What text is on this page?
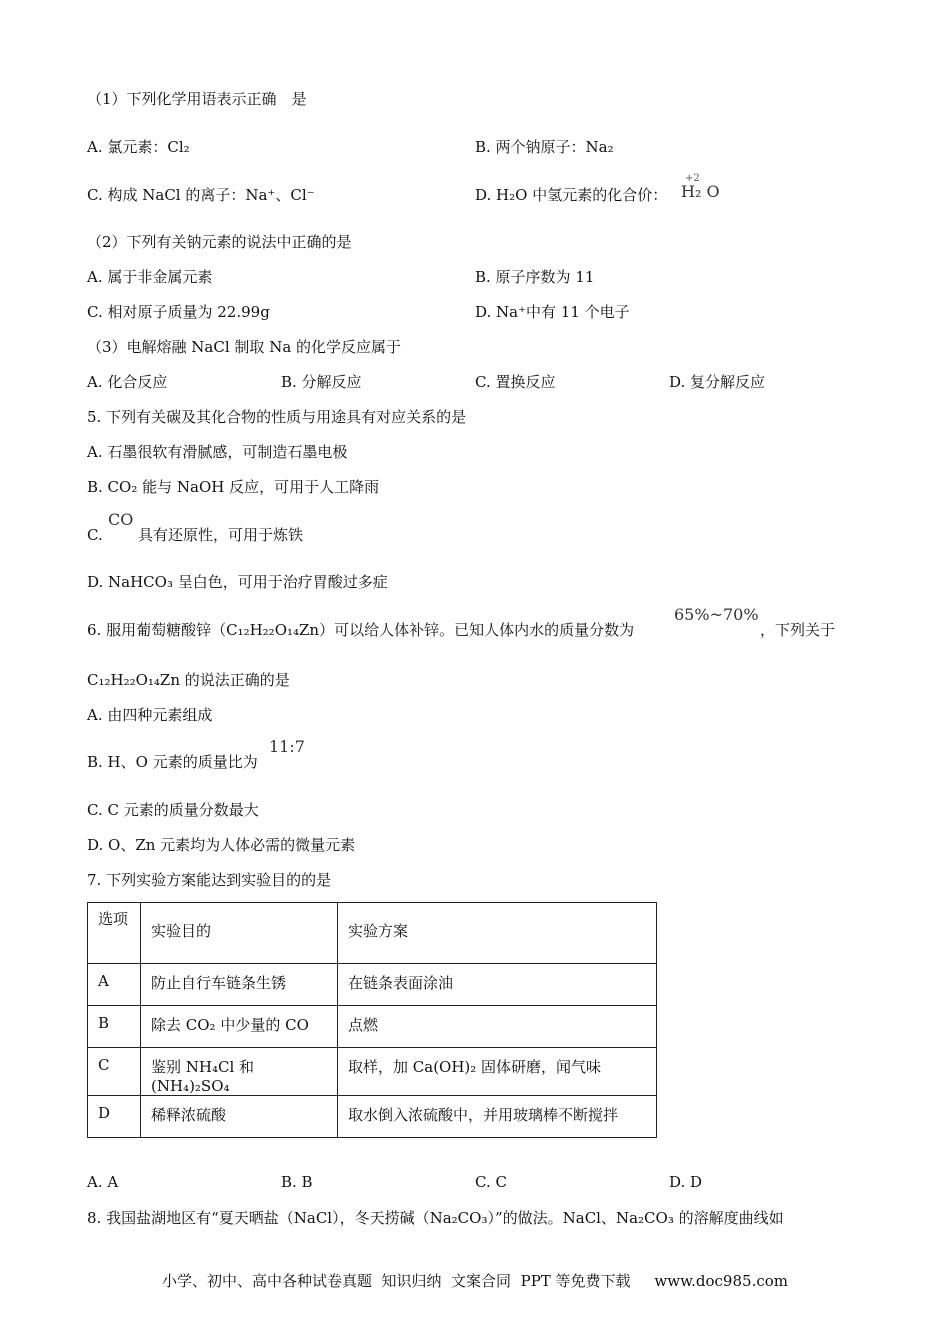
（1）下列化学用语表示正确　是
A. 氯元素：Cl₂	B. 两个钠原子：Na₂
C. 构成 NaCl 的离子：Na⁺、Cl⁻	D. H₂O 中氢元素的化合价：
+2
H₂ O
（2）下列有关钠元素的说法中正确的是
A. 属于非金属元素	B. 原子序数为 11
C. 相对原子质量为 22.99g	D. Na⁺中有 11 个电子
（3）电解熔融 NaCl 制取 Na 的化学反应属于
A. 化合反应	B. 分解反应	C. 置换反应	D. 复分解反应
5. 下列有关碳及其化合物的性质与用途具有对应关系的是
A. 石墨很软有滑腻感，可制造石墨电极
B. CO₂ 能与 NaOH 反应，可用于人工降雨
C.
CO
具有还原性，可用于炼铁
D. NaHCO₃ 呈白色，可用于治疗胃酸过多症
6. 服用葡萄糖酸锌（C₁₂H₂₂O₁₄Zn）可以给人体补锌。已知人体内水的质量分数为
65%~70%
，下列关于
C₁₂H₂₂O₁₄Zn 的说法正确的是
A. 由四种元素组成
B. H、O 元素的质量比为
11:7
C. C 元素的质量分数最大
D. O、Zn 元素均为人体必需的微量元素
7. 下列实验方案能达到实验目的的是
选项	实验目的	实验方案
A	防止自行车链条生锈	在链条表面涂油
B	除去 CO₂ 中少量的 CO	点燃
C	鉴别 NH₄Cl 和(NH₄)₂SO₄	取样，加 Ca(OH)₂ 固体研磨，闻气味
D	稀释浓硫酸	取水倒入浓硫酸中，并用玻璃棒不断搅拌
A. A	B. B	C. C	D. D
8. 我国盐湖地区有“夏天晒盐（NaCl），冬天捞碱（Na₂CO₃）”的做法。NaCl、Na₂CO₃ 的溶解度曲线如
小学、初中、高中各种试卷真题  知识归纳  文案合同  PPT 等免费下载     www.doc985.com
